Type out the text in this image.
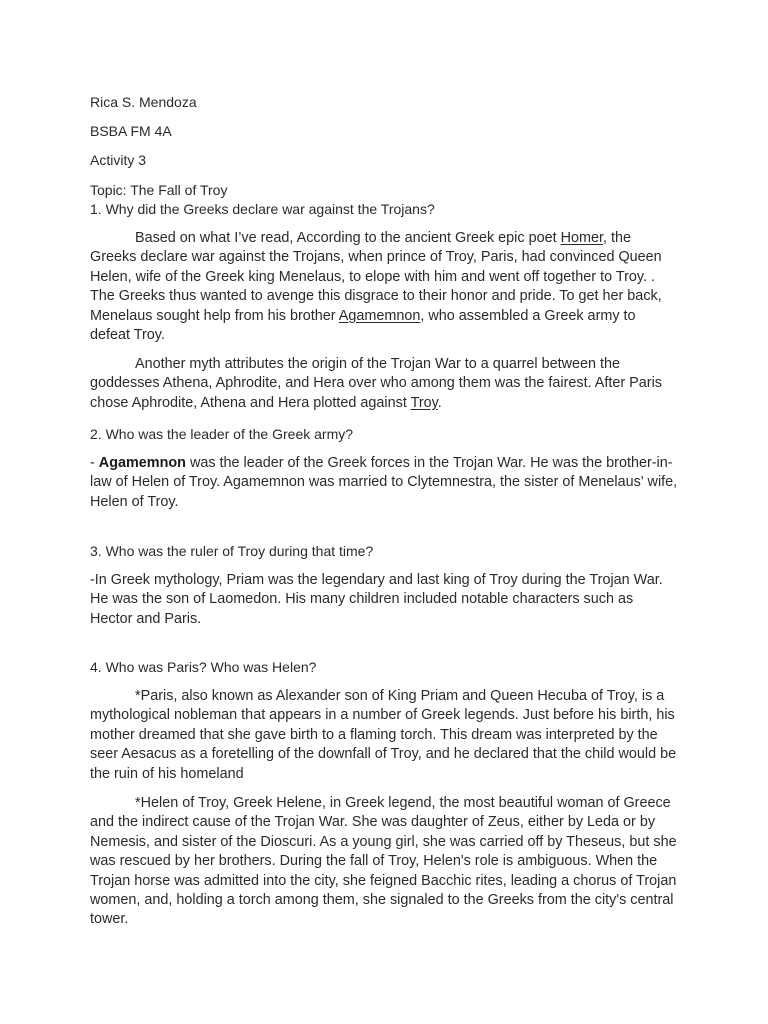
Rica S. Mendoza
BSBA FM 4A
Activity 3
Topic: The Fall of Troy
1. Why did the Greeks declare war against the Trojans?
Based on what I’ve read, According to the ancient Greek epic poet Homer, the Greeks declare war against the Trojans, when prince of Troy, Paris, had convinced Queen Helen, wife of the Greek king Menelaus, to elope with him and went off together to Troy. . The Greeks thus wanted to avenge this disgrace to their honor and pride. To get her back, Menelaus sought help from his brother Agamemnon, who assembled a Greek army to defeat Troy.
Another myth attributes the origin of the Trojan War to a quarrel between the goddesses Athena, Aphrodite, and Hera over who among them was the fairest. After Paris chose Aphrodite, Athena and Hera plotted against Troy.
2. Who was the leader of the Greek army?
- Agamemnon was the leader of the Greek forces in the Trojan War. He was the brother-in-law of Helen of Troy. Agamemnon was married to Clytemnestra, the sister of Menelaus' wife, Helen of Troy.
3. Who was the ruler of Troy during that time?
-In Greek mythology, Priam was the legendary and last king of Troy during the Trojan War. He was the son of Laomedon. His many children included notable characters such as Hector and Paris.
4. Who was Paris? Who was Helen?
*Paris, also known as Alexander son of King Priam and Queen Hecuba of Troy, is a mythological nobleman that appears in a number of Greek legends. Just before his birth, his mother dreamed that she gave birth to a flaming torch. This dream was interpreted by the seer Aesacus as a foretelling of the downfall of Troy, and he declared that the child would be the ruin of his homeland
*Helen of Troy, Greek Helene, in Greek legend, the most beautiful woman of Greece and the indirect cause of the Trojan War. She was daughter of Zeus, either by Leda or by Nemesis, and sister of the Dioscuri. As a young girl, she was carried off by Theseus, but she was rescued by her brothers. During the fall of Troy, Helen's role is ambiguous. When the Trojan horse was admitted into the city, she feigned Bacchic rites, leading a chorus of Trojan women, and, holding a torch among them, she signaled to the Greeks from the city's central tower.
